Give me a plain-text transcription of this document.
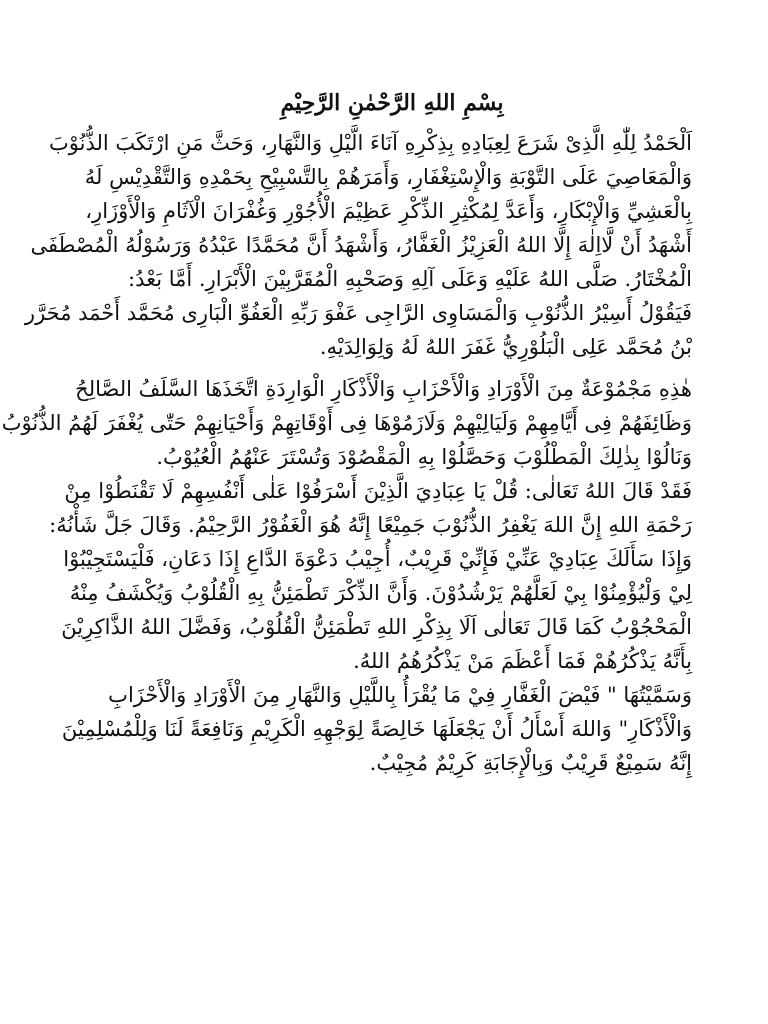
بِسْمِ اللهِ الرَّحْمٰنِ الرَّحِيْمِ
اَلْحَمْدُ لِلّٰهِ الَّذِىْ شَرَعَ لِعِبَادِهِ بِذِكْرِهِ آنَاءَ الَّيْلِ وَالنَّهَارِ، وَحَثَّ مَنِ ارْتَكَبَ الذُّنُوْبَ
وَالْمَعَاصِيَ عَلَى التَّوْبَةِ وَالْإِسْتِغْفَارِ، وَأَمَرَهُمْ بِالتَّسْبِيْحِ بِحَمْدِهِ وَالتَّقْدِيْسِ لَهُ
بِالْعَشِيِّ وَالْإِبْكَارِ، وَأَعَدَّ لِمُكْثِرِ الذِّكْرِ عَظِيْمَ الْأُجُوْرِ وَغُفْرَانَ الْآثَامِ وَالْأَوْزَارِ،
أَشْهَدُ أَنْ لَّااِلٰهَ إِلَّا اللهُ الْعَزِيْزُ الْغَفَّارُ، وَأَشْهَدُ أَنَّ مُحَمَّدًا عَبْدُهُ وَرَسُوْلُهُ الْمُصْطَفَى
الْمُخْتَارُ. صَلَّى اللهُ عَلَيْهِ وَعَلَى آلِهِ وَصَحْبِهِ الْمُقَرَّبِيْنَ الْأَبْرَارِ. أَمَّا بَعْدُ:
فَيَقُوْلُ أَسِيْرُ الذُّنُوْبِ وَالْمَسَاوِى الرَّاجِى عَفْوَ رَبِّهِ الْعَفُوِّ الْبَارِى مُحَمَّد أَحْمَد مُحَرَّر
بْنُ مُحَمَّد عَلِى الْبَلُوْرِيُّ غَفَرَ اللهُ لَهُ وَلِوَالِدَيْهِ.
هٰذِهِ مَجْمُوْعَةٌ مِنَ الْأَوْرَادِ وَالْأَحْزَابِ وَالْأَذْكَارِ الْوَارِدَةِ اتَّخَذَهَا السَّلَفُ الصَّالِحُ
وَظَائِفَهُمْ فِى أَيَّامِهِمْ وَلَيَالِيْهِمْ وَلَازَمُوْهَا فِى أَوْقَاتِهِمْ وَأَحْيَانِهِمْ حَتّٰى يُغْفَرَ لَهُمُ الذُّنُوْبُ
وَنَالُوْا بِذٰلِكَ الْمَطْلُوْبَ وَحَصَّلُوْا بِهِ الْمَقْصُوْدَ وَتُسْتَرَ عَنْهُمُ الْعُيُوْبُ.
فَقَدْ قَالَ اللهُ تَعَالٰى: قُلْ يَا عِبَادِيَ الَّذِيْنَ أَسْرَفُوْا عَلٰى أَنْفُسِهِمْ لَا تَقْنَطُوْا مِنْ
رَحْمَةِ اللهِ إِنَّ اللهَ يَغْفِرُ الذُّنُوْبَ جَمِيْعًا إِنَّهُ هُوَ الْغَفُوْرُ الرَّحِيْمُ. وَقَالَ جَلَّ شَأْنُهُ:
وَإِذَا سَأَلَكَ عِبَادِيْ عَنِّيْ فَإِنِّيْ قَرِيْبٌ، أُجِيْبُ دَعْوَةَ الدَّاعِ إِذَا دَعَانِ، فَلْيَسْتَجِيْبُوْا
لِيْ وَلْيُؤْمِنُوْا بِيْ لَعَلَّهُمْ يَرْشُدُوْنَ. وَأَنَّ الذِّكْرَ تَطْمَئِنُّ بِهِ الْقُلُوْبُ وَيُكْشَفُ مِنْهُ
الْمَحْجُوْبُ كَمَا قَالَ تَعَالٰى اَلَا بِذِكْرِ اللهِ تَطْمَئِنُّ الْقُلُوْبُ، وَفَضَّلَ اللهُ الذَّاكِرِيْنَ
بِأَنَّهُ يَذْكُرُهُمْ فَمَا أَعْظَمَ مَنْ يَذْكُرُهُمُ اللهُ.
وَسَمَّيْتُهَا " فَيْضَ الْغَفَّارِ فِيْ مَا يُقْرَأُ بِاللَّيْلِ وَالنَّهَارِ مِنَ الْأَوْرَادِ وَالْأَحْزَابِ
وَالْأَذْكَارِ" وَاللهَ أَسْأَلُ أَنْ يَجْعَلَهَا خَالِصَةً لِوَجْهِهِ الْكَرِيْمِ وَنَافِعَةً لَنَا وَلِلْمُسْلِمِيْنَ
إِنَّهُ سَمِيْعٌ قَرِيْبٌ وَبِالْإِجَابَةِ كَرِيْمٌ مُجِيْبٌ.
